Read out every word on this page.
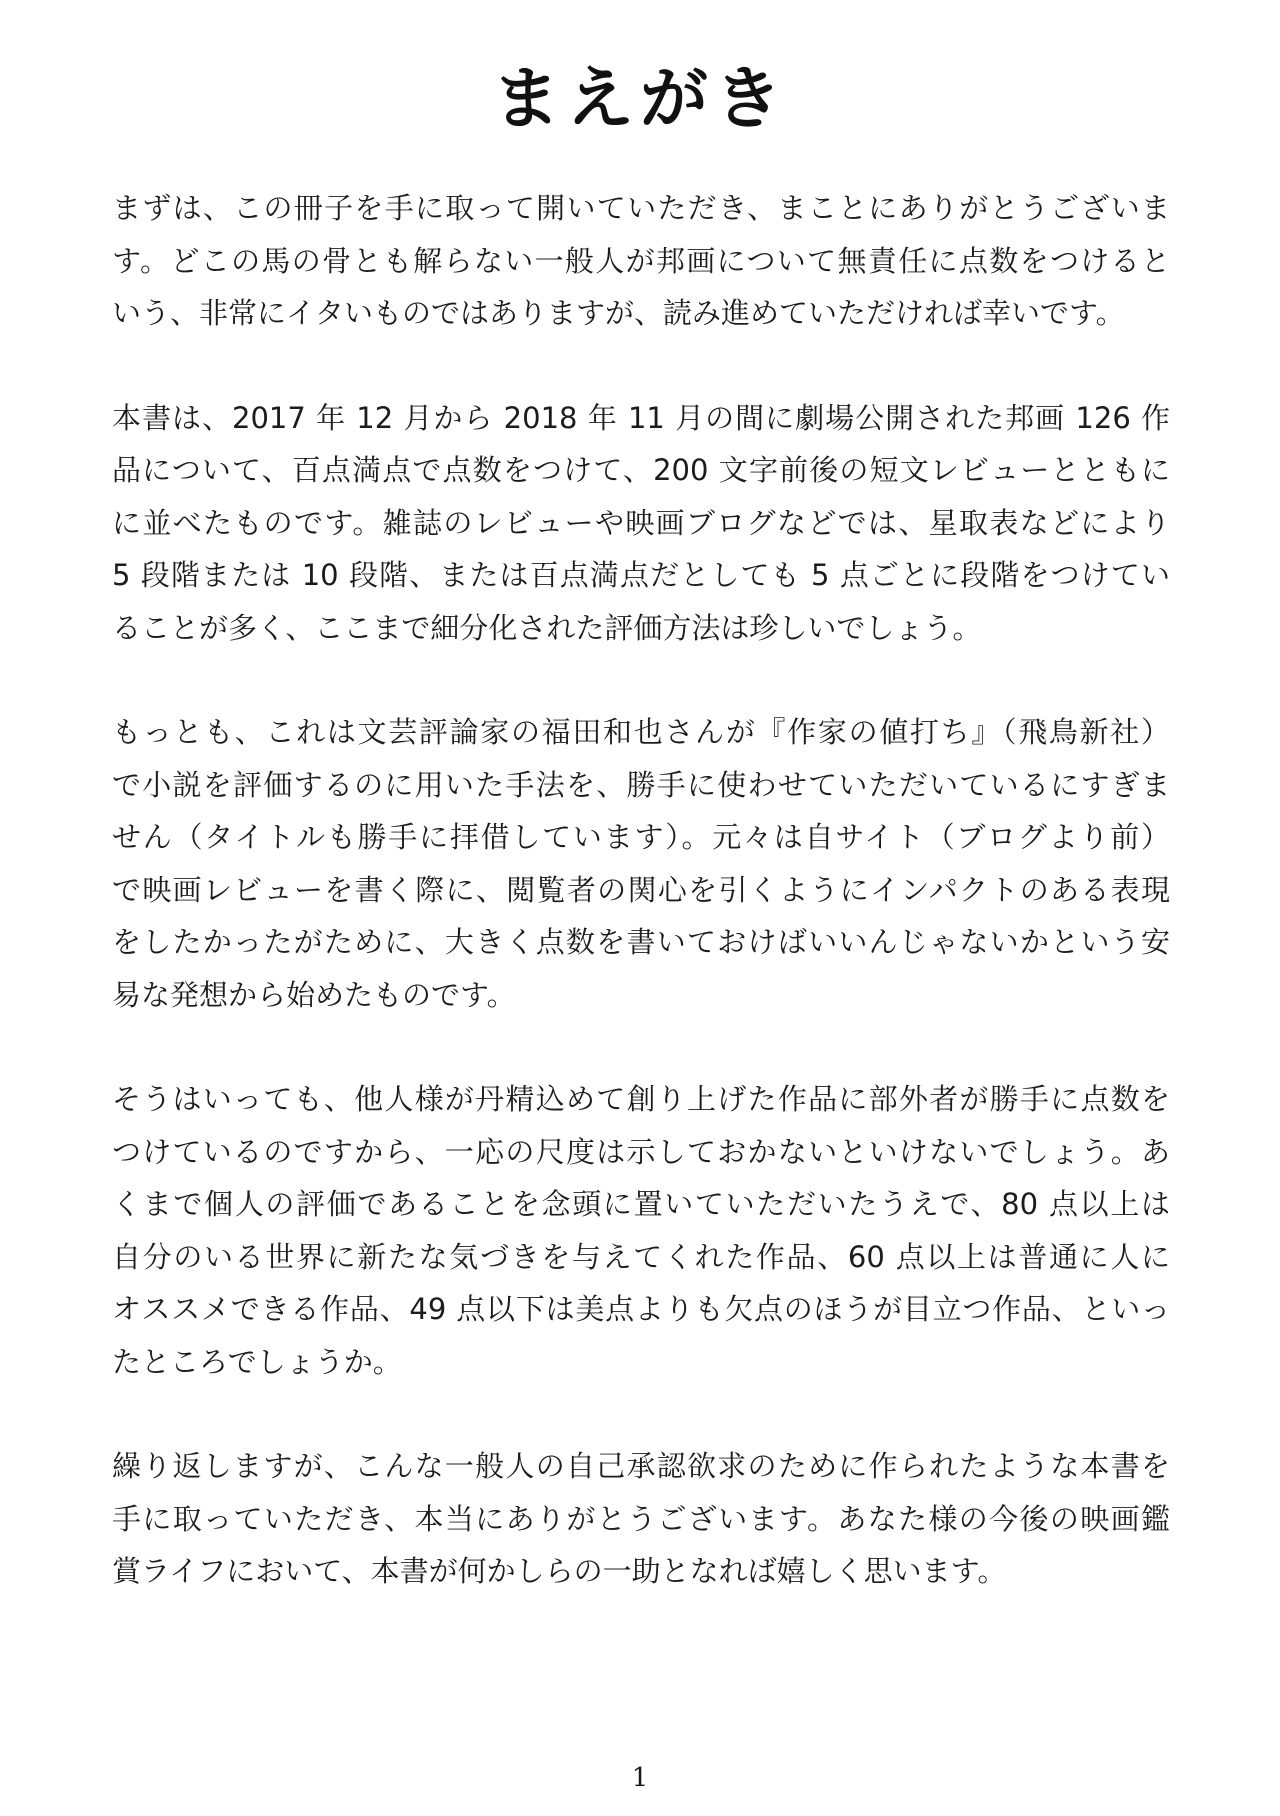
まえがき

まずは、この冊子を手に取って開いていただき、まことにありがとうございま
す。どこの馬の骨とも解らない一般人が邦画について無責任に点数をつけると
いう、非常にイタいものではありますが、読み進めていただければ幸いです。

本書は、2017 年 12 月から 2018 年 11 月の間に劇場公開された邦画 126 作
品について、百点満点で点数をつけて、200 文字前後の短文レビューとともに
に並べたものです。雑誌のレビューや映画ブログなどでは、星取表などにより
5 段階または 10 段階、または百点満点だとしても 5 点ごとに段階をつけてい
ることが多く、ここまで細分化された評価方法は珍しいでしょう。

もっとも、これは文芸評論家の福田和也さんが『作家の値打ち』（飛鳥新社）
で小説を評価するのに用いた手法を、勝手に使わせていただいているにすぎま
せん（タイトルも勝手に拝借しています）。元々は自サイト（ブログより前）
で映画レビューを書く際に、閲覧者の関心を引くようにインパクトのある表現
をしたかったがために、大きく点数を書いておけばいいんじゃないかという安
易な発想から始めたものです。

そうはいっても、他人様が丹精込めて創り上げた作品に部外者が勝手に点数を
つけているのですから、一応の尺度は示しておかないといけないでしょう。あ
くまで個人の評価であることを念頭に置いていただいたうえで、80 点以上は
自分のいる世界に新たな気づきを与えてくれた作品、60 点以上は普通に人に
オススメできる作品、49 点以下は美点よりも欠点のほうが目立つ作品、といっ
たところでしょうか。

繰り返しますが、こんな一般人の自己承認欲求のために作られたような本書を
手に取っていただき、本当にありがとうございます。あなた様の今後の映画鑑
賞ライフにおいて、本書が何かしらの一助となれば嬉しく思います。

1
